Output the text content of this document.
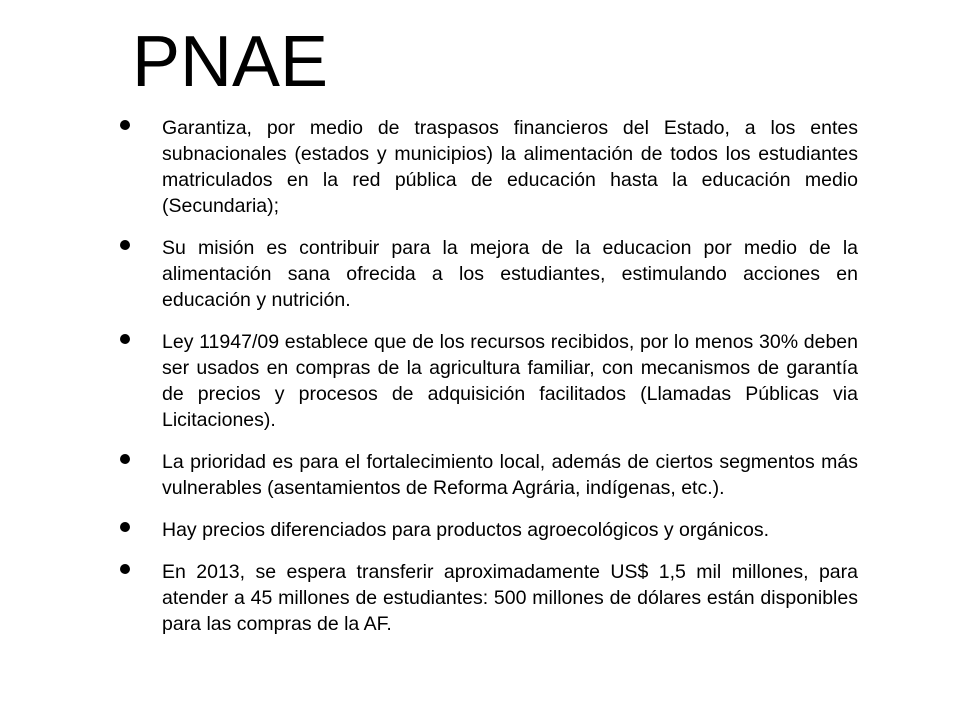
PNAE
Garantiza, por medio de traspasos financieros del Estado, a los entes subnacionales (estados y municipios) la alimentación de todos los estudiantes matriculados en la red pública de educación hasta la educación medio (Secundaria);
Su misión es contribuir para la mejora de la educacion por medio de la alimentación sana ofrecida a los estudiantes, estimulando acciones en educación y nutrición.
Ley 11947/09 establece que de los recursos recibidos, por lo menos 30% deben ser usados en compras de la agricultura familiar, con mecanismos de garantía de precios y procesos de adquisición facilitados (Llamadas Públicas via Licitaciones).
La prioridad es para el fortalecimiento local, además de ciertos segmentos más vulnerables (asentamientos de Reforma Agrária, indígenas, etc.).
Hay precios diferenciados para productos agroecológicos y orgánicos.
En 2013, se espera transferir aproximadamente US$ 1,5 mil millones, para atender a 45 millones de estudiantes: 500 millones de dólares están disponibles para las compras de la AF.
